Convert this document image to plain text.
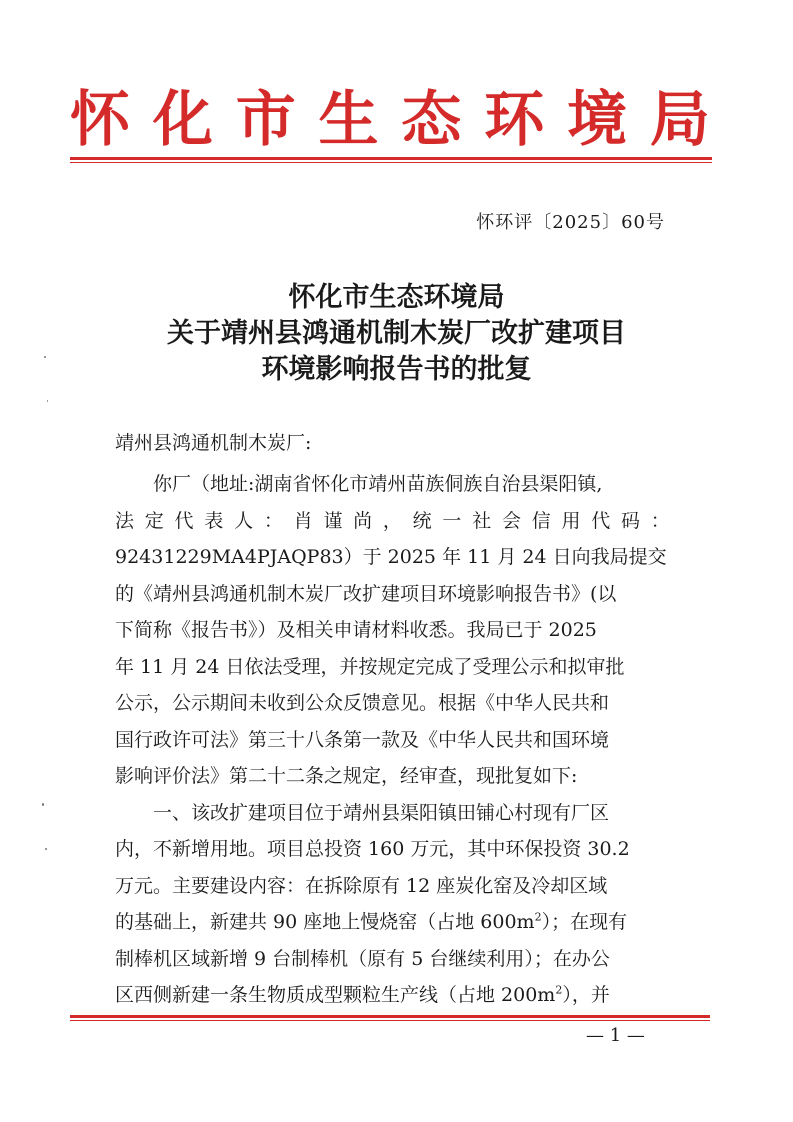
怀 化 市 生 态 环 境 局
怀环评〔2025〕60号
怀化市生态环境局
关于靖州县鸿通机制木炭厂改扩建项目
环境影响报告书的批复
靖州县鸿通机制木炭厂:
你厂（地址:湖南省怀化市靖州苗族侗族自治县渠阳镇,
法 定 代 表 人 ： 肖 谨 尚 ， 统 一 社 会 信 用 代 码 ：
92431229MA4PJAQP83）于 2025 年 11 月 24 日向我局提交
的《靖州县鸿通机制木炭厂改扩建项目环境影响报告书》(以
下简称《报告书》）及相关申请材料收悉。我局已于 2025
年 11 月 24 日依法受理，并按规定完成了受理公示和拟审批
公示，公示期间未收到公众反馈意见。根据《中华人民共和
国行政许可法》第三十八条第一款及《中华人民共和国环境
影响评价法》第二十二条之规定，经审查，现批复如下:
一、该改扩建项目位于靖州县渠阳镇田铺心村现有厂区
内，不新增用地。项目总投资 160 万元，其中环保投资 30.2
万元。主要建设内容：在拆除原有 12 座炭化窑及冷却区域
的基础上，新建共 90 座地上慢烧窑（占地 $600m^2$）；在现有
制棒机区域新增 9 台制棒机（原有 5 台继续利用）；在办公
区西侧新建一条生物质成型颗粒生产线（占地 $200m^2$），并
— 1 —
